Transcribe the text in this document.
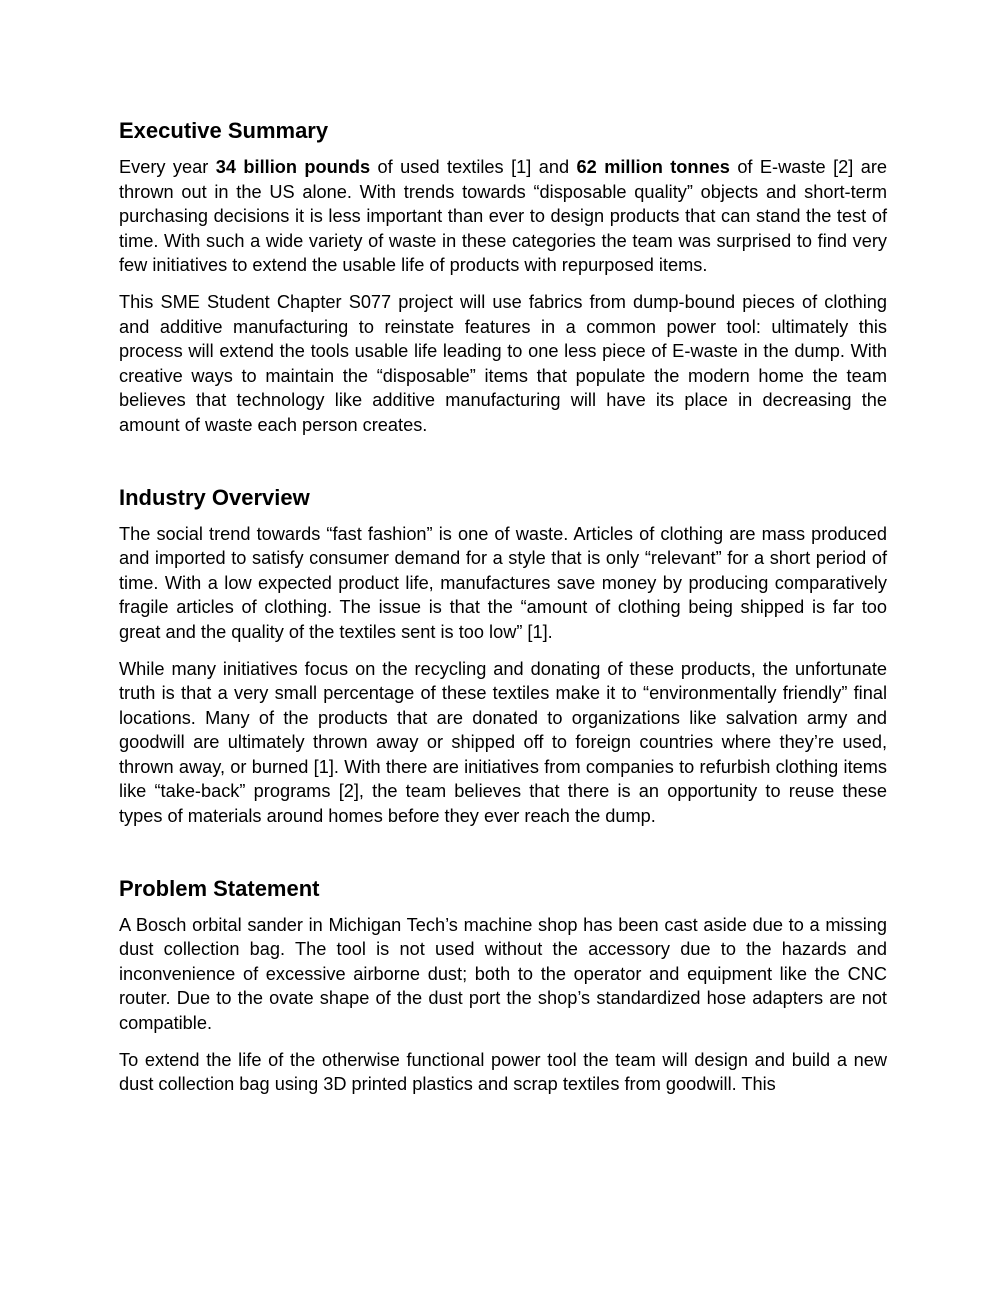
Executive Summary

Every year 34 billion pounds of used textiles [1] and 62 million tonnes of E-waste [2] are thrown out in the US alone. With trends towards “disposable quality” objects and short-term purchasing decisions it is less important than ever to design products that can stand the test of time. With such a wide variety of waste in these categories the team was surprised to find very few initiatives to extend the usable life of products with repurposed items.

This SME Student Chapter S077 project will use fabrics from dump-bound pieces of clothing and additive manufacturing to reinstate features in a common power tool: ultimately this process will extend the tools usable life leading to one less piece of E-waste in the dump. With creative ways to maintain the “disposable” items that populate the modern home the team believes that technology like additive manufacturing will have its place in decreasing the amount of waste each person creates.

Industry Overview

The social trend towards “fast fashion” is one of waste. Articles of clothing are mass produced and imported to satisfy consumer demand for a style that is only “relevant” for a short period of time. With a low expected product life, manufactures save money by producing comparatively fragile articles of clothing. The issue is that the “amount of clothing being shipped is far too great and the quality of the textiles sent is too low” [1].

While many initiatives focus on the recycling and donating of these products, the unfortunate truth is that a very small percentage of these textiles make it to “environmentally friendly” final locations. Many of the products that are donated to organizations like salvation army and goodwill are ultimately thrown away or shipped off to foreign countries where they’re used, thrown away, or burned [1]. With there are initiatives from companies to refurbish clothing items like “take-back” programs [2], the team believes that there is an opportunity to reuse these types of materials around homes before they ever reach the dump.

Problem Statement

A Bosch orbital sander in Michigan Tech’s machine shop has been cast aside due to a missing dust collection bag. The tool is not used without the accessory due to the hazards and inconvenience of excessive airborne dust; both to the operator and equipment like the CNC router. Due to the ovate shape of the dust port the shop’s standardized hose adapters are not compatible.

To extend the life of the otherwise functional power tool the team will design and build a new dust collection bag using 3D printed plastics and scrap textiles from goodwill. This
